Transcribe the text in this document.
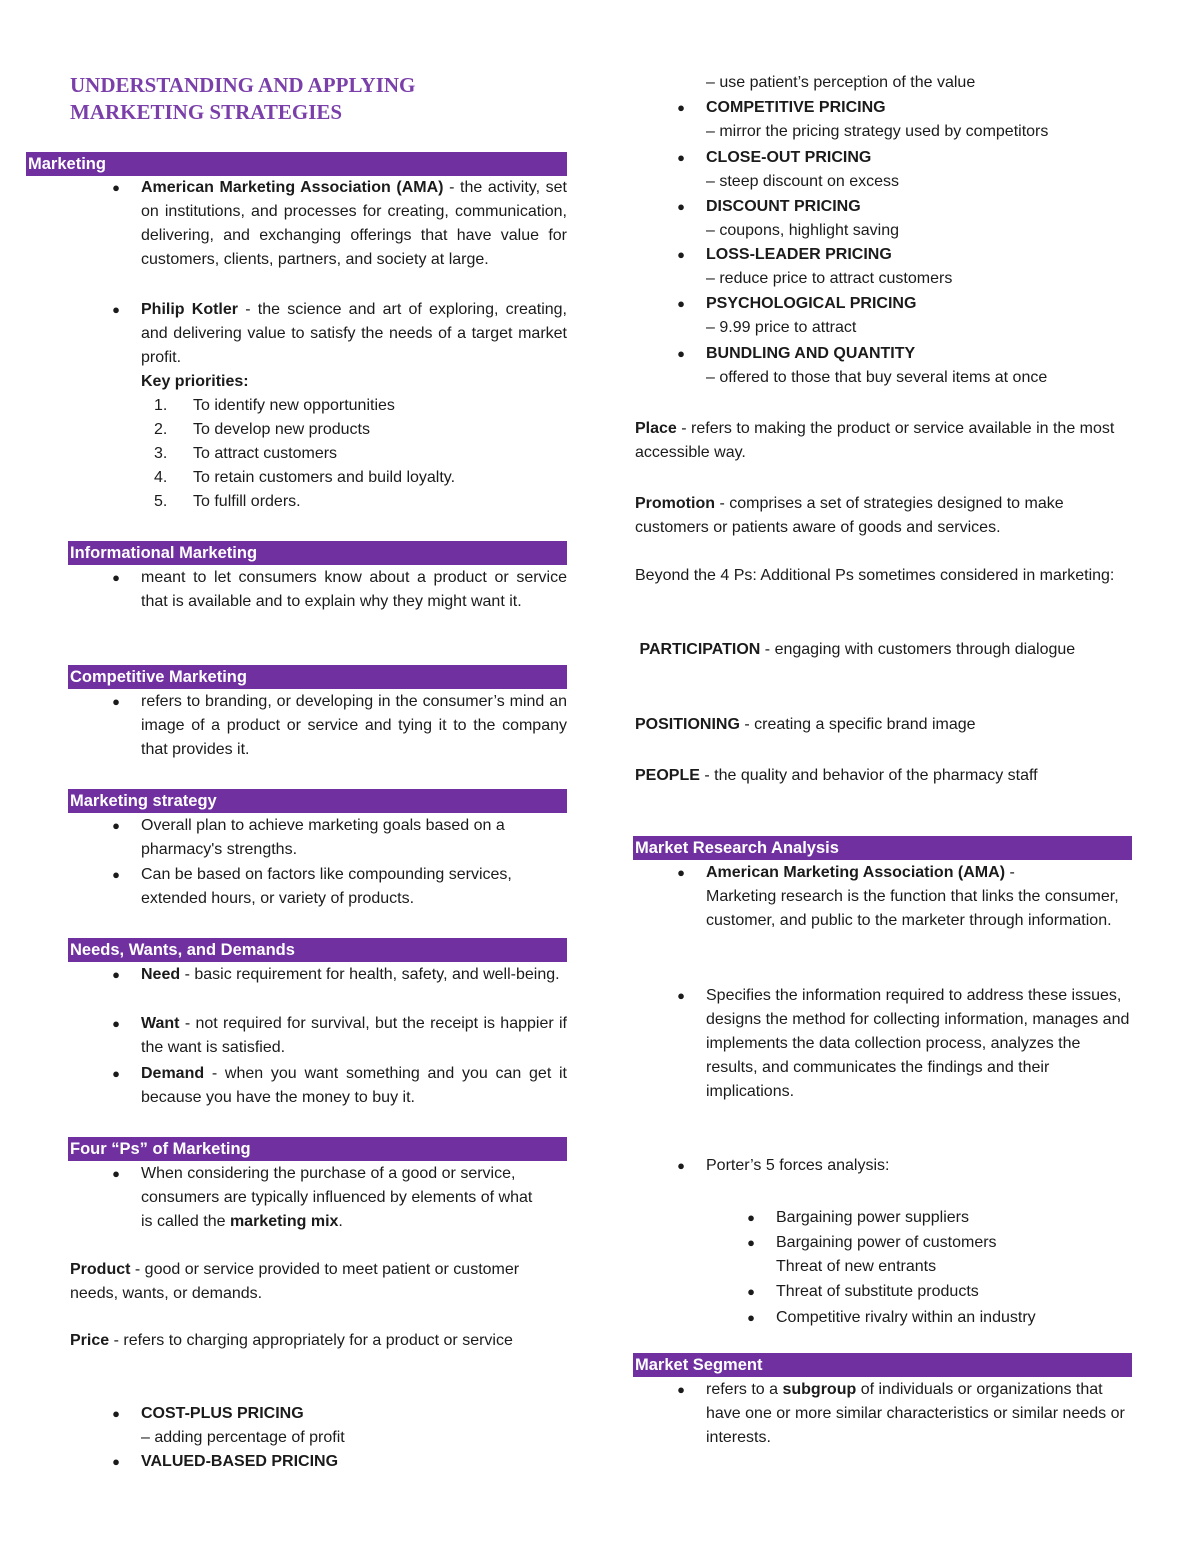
UNDERSTANDING AND APPLYING
MARKETING STRATEGIES
Marketing
●	American Marketing Association (AMA) - the activity, set on institutions, and processes for creating, communication, delivering, and exchanging offerings that have value for customers, clients, partners, and society at large.
●	Philip Kotler - the science and art of exploring, creating, and delivering value to satisfy the needs of a target market profit.
Key priorities:
1. To identify new opportunities
2. To develop new products
3. To attract customers
4. To retain customers and build loyalty.
5. To fulfill orders.
Informational Marketing
●	meant to let consumers know about a product or service that is available and to explain why they might want it.
Competitive Marketing
●	refers to branding, or developing in the consumer’s mind an image of a product or service and tying it to the company that provides it.
Marketing strategy
●	Overall plan to achieve marketing goals based on a pharmacy's strengths.
●	Can be based on factors like compounding services, extended hours, or variety of products.
Needs, Wants, and Demands
●	Need - basic requirement for health, safety, and well-being.
●	Want - not required for survival, but the receipt is happier if the want is satisfied.
●	Demand - when you want something and you can get it because you have the money to buy it.
Four “Ps” of Marketing
●	When considering the purchase of a good or service, consumers are typically influenced by elements of what is called the marketing mix.
Product - good or service provided to meet patient or customer needs, wants, or demands.
Price - refers to charging appropriately for a product or service
●	COST-PLUS PRICING
– adding percentage of profit
●	VALUED-BASED PRICING
– use patient’s perception of the value
●	COMPETITIVE PRICING
– mirror the pricing strategy used by competitors
●	CLOSE-OUT PRICING
– steep discount on excess
●	DISCOUNT PRICING
– coupons, highlight saving
●	LOSS-LEADER PRICING
– reduce price to attract customers
●	PSYCHOLOGICAL PRICING
– 9.99 price to attract
●	BUNDLING AND QUANTITY
– offered to those that buy several items at once
Place - refers to making the product or service available in the most accessible way.
Promotion - comprises a set of strategies designed to make customers or patients aware of goods and services.
Beyond the 4 Ps: Additional Ps sometimes considered in marketing:
PARTICIPATION - engaging with customers through dialogue
POSITIONING - creating a specific brand image
PEOPLE - the quality and behavior of the pharmacy staff
Market Research Analysis
●	American Marketing Association (AMA) -
Marketing research is the function that links the consumer, customer, and public to the marketer through information.
●	Specifies the information required to address these issues, designs the method for collecting information, manages and implements the data collection process, analyzes the results, and communicates the findings and their implications.
●	Porter’s 5 forces analysis:
●	Bargaining power suppliers
●	Bargaining power of customers
Threat of new entrants
●	Threat of substitute products
●	Competitive rivalry within an industry
Market Segment
●	refers to a subgroup of individuals or organizations that have one or more similar characteristics or similar needs or interests.
